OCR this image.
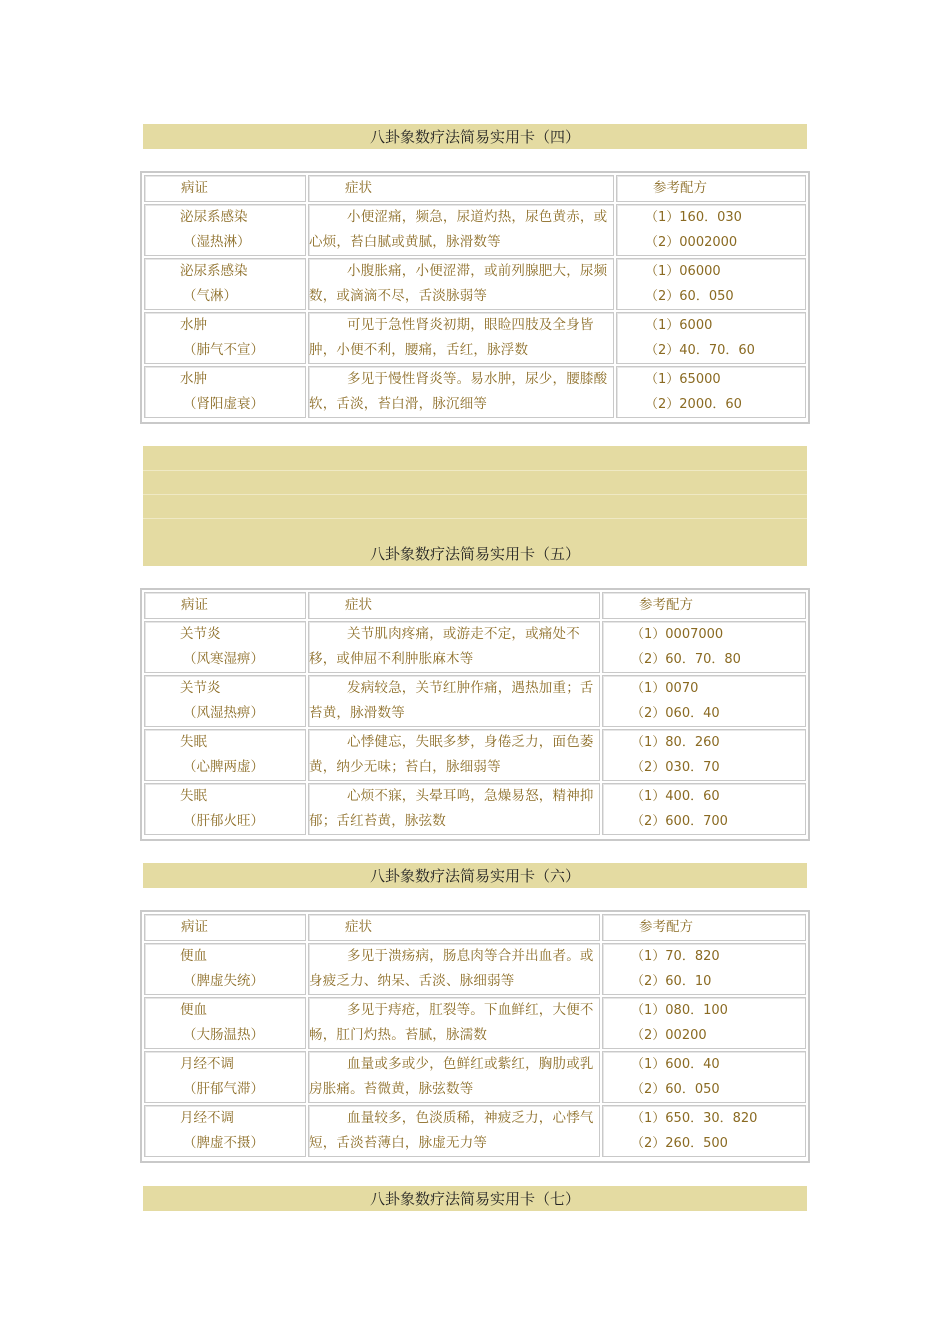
八卦象数疗法简易实用卡（四）
病证	症状	参考配方

泌尿系感染
（湿热淋）	小便涩痛，频急，尿道灼热，尿色黄赤，或心烦，苔白腻或黄腻，脉滑数等	（1）160．030
（2）0002000

泌尿系感染
（气淋）	小腹胀痛，小便涩滞，或前列腺肥大，尿频数，或滴滴不尽，舌淡脉弱等	（1）06000
（2）60．050

水肿
（肺气不宣）	可见于急性肾炎初期，眼睑四肢及全身皆肿，小便不利，腰痛，舌红，脉浮数	（1）6000
（2）40．70．60

水肿
（肾阳虚衰）	多见于慢性肾炎等。易水肿，尿少，腰膝酸软，舌淡，苔白滑，脉沉细等	（1）65000
（2）2000．60
八卦象数疗法简易实用卡（五）
病证	症状	参考配方

关节炎
（风寒湿痹）	关节肌肉疼痛，或游走不定，或痛处不移，或伸屈不利肿胀麻木等	（1）0007000
（2）60．70．80

关节炎
（风湿热痹）	发病较急，关节红肿作痛，遇热加重；舌苔黄，脉滑数等	（1）0070
（2）060．40

失眠
（心脾两虚）	心悸健忘，失眠多梦，身倦乏力，面色萎黄，纳少无味；苔白，脉细弱等	（1）80．260
（2）030．70

失眠
（肝郁火旺）	心烦不寐，头晕耳鸣，急燥易怒，精神抑郁；舌红苔黄，脉弦数	（1）400．60
（2）600．700
八卦象数疗法简易实用卡（六）
病证	症状	参考配方

便血
（脾虚失统）	多见于溃疡病，肠息肉等合并出血者。或身疲乏力、纳呆、舌淡、脉细弱等	（1）70．820
（2）60．10

便血
（大肠温热）	多见于痔疮，肛裂等。下血鲜红，大便不畅，肛门灼热。苔腻，脉濡数	（1）080．100
（2）00200

月经不调
（肝郁气滞）	血量或多或少，色鲜红或紫红，胸肋或乳房胀痛。苔微黄，脉弦数等	（1）600．40
（2）60．050

月经不调
（脾虚不摄）	血量较多，色淡质稀，神疲乏力，心悸气短，舌淡苔薄白，脉虚无力等	（1）650．30．820
（2）260．500
八卦象数疗法简易实用卡（七）
